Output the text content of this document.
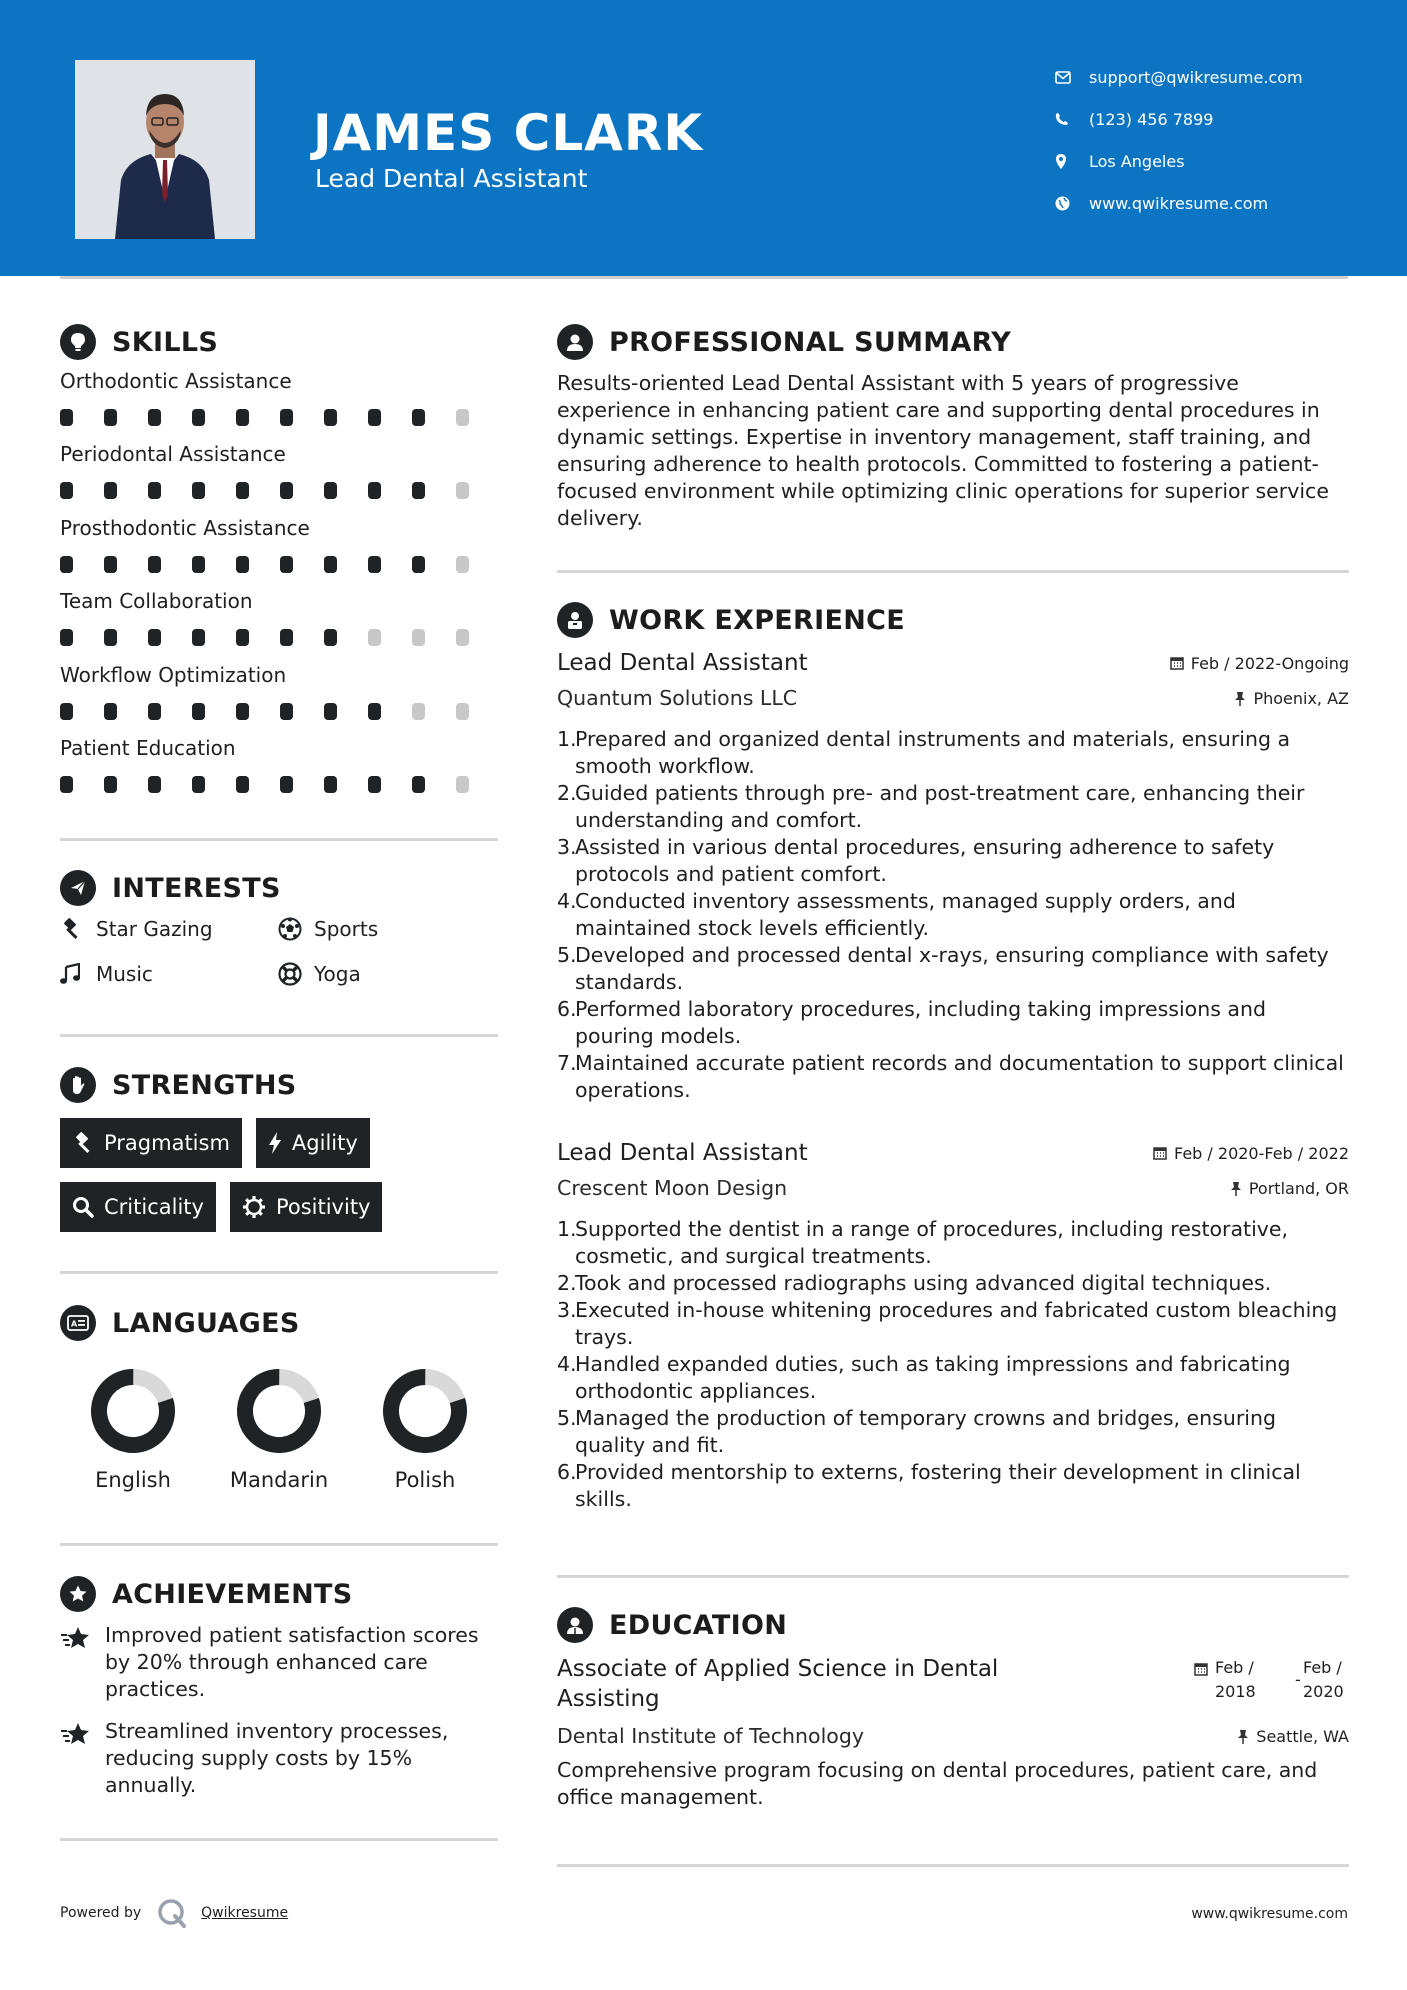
JAMES CLARK
Lead Dental Assistant
support@qwikresume.com
(123) 456 7899
Los Angeles
www.qwikresume.com
SKILLS
Orthodontic Assistance
Periodontal Assistance
Prosthodontic Assistance
Team Collaboration
Workflow Optimization
Patient Education
INTERESTS
Star Gazing	Sports
Music	Yoga
STRENGTHS
Pragmatism	Agility
Criticality	Positivity
A LANGUAGES
English	Mandarin	Polish
ACHIEVEMENTS
Improved patient satisfaction scores by 20% through enhanced care practices.
Streamlined inventory processes, reducing supply costs by 15% annually.
PROFESSIONAL SUMMARY
Results-oriented Lead Dental Assistant with 5 years of progressive experience in enhancing patient care and supporting dental procedures in dynamic settings. Expertise in inventory management, staff training, and ensuring adherence to health protocols. Committed to fostering a patient-focused environment while optimizing clinic operations for superior service delivery.
WORK EXPERIENCE
Lead Dental Assistant	Feb / 2022-Ongoing
Quantum Solutions LLC	Phoenix, AZ
1.
Prepared and organized dental instruments and materials, ensuring a smooth workflow.
2.
Guided patients through pre- and post-treatment care, enhancing their understanding and comfort.
3.
Assisted in various dental procedures, ensuring adherence to safety protocols and patient comfort.
4.
Conducted inventory assessments, managed supply orders, and maintained stock levels efficiently.
5.
Developed and processed dental x-rays, ensuring compliance with safety standards.
6.
Performed laboratory procedures, including taking impressions and pouring models.
7.
Maintained accurate patient records and documentation to support clinical operations.
Lead Dental Assistant	Feb / 2020-Feb / 2022
Crescent Moon Design	Portland, OR
1.
Supported the dentist in a range of procedures, including restorative, cosmetic, and surgical treatments.
2.
Took and processed radiographs using advanced digital techniques.
3.
Executed in-house whitening procedures and fabricated custom bleaching trays.
4.
Handled expanded duties, such as taking impressions and fabricating orthodontic appliances.
5.
Managed the production of temporary crowns and bridges, ensuring quality and fit.
6.
Provided mentorship to externs, fostering their development in clinical skills.
EDUCATION
Associate of Applied Science in Dental Assisting
Feb /
2018
-
Feb /
2020
Dental Institute of Technology	Seattle, WA
Comprehensive program focusing on dental procedures, patient care, and office management.
Powered by	Qwikresume	www.qwikresume.com
